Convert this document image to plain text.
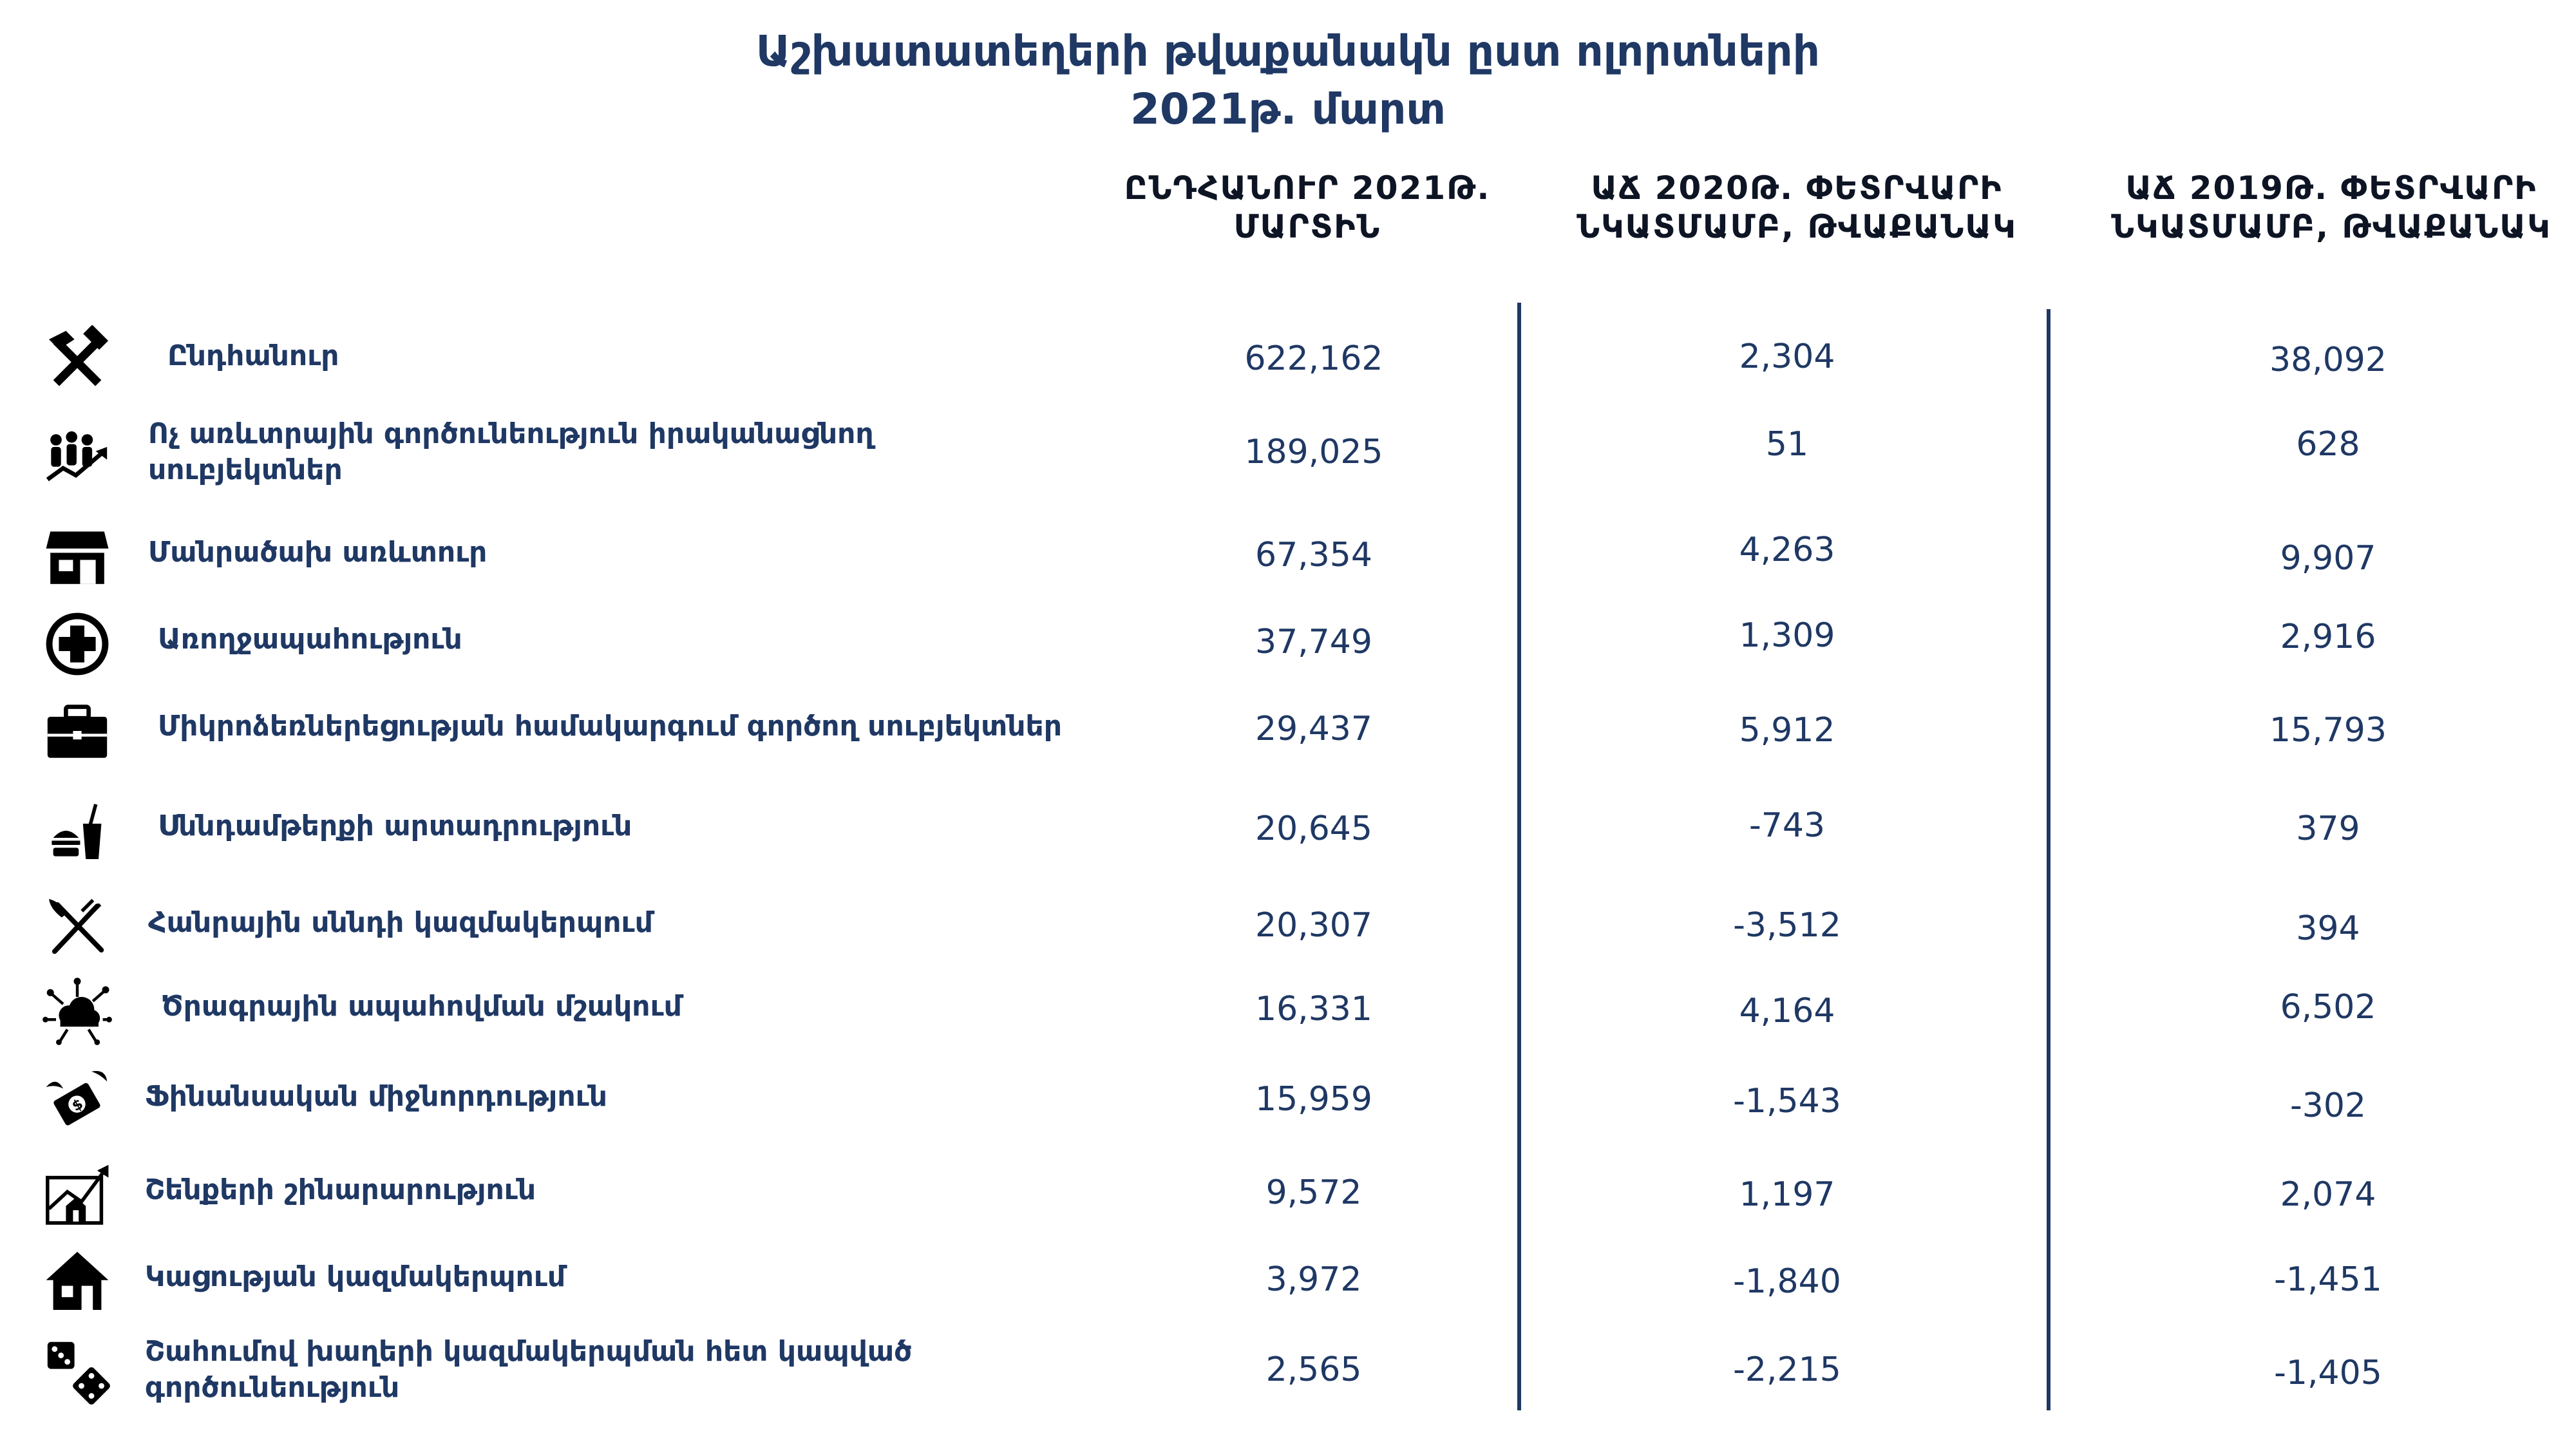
Աշխատատեղերի թվաքանակն ըստ ոլորտների
2021թ. մարտ
ԸՆԴՀԱՆՈՒՐ 2021Թ.
ՄԱՐՏԻՆ
ԱՃ 2020Թ. ՓԵՏՐՎԱՐԻ
ՆԿԱՏՄԱՄԲ, ԹՎԱՔԱՆԱԿ
ԱՃ 2019Թ. ՓԵՏՐՎԱՐԻ
ՆԿԱՏՄԱՄԲ, ԹՎԱՔԱՆԱԿ
Ընդհանուր	622,162	2,304	38,092
Ոչ առևտրային գործունեություն իրականացնող
սուբյեկտներ	189,025	51	628
Մանրածախ առևտուր	67,354	4,263	9,907
Առողջապահություն	37,749	1,309	2,916
Միկրոձեռներեցության համակարգում գործող սուբյեկտներ	29,437	5,912	15,793
Սննդամթերքի արտադրություն	20,645	-743	379
Հանրային սննդի կազմակերպում	20,307	-3,512	394
Ծրագրային ապահովման մշակում	16,331	4,164	6,502
$ Ֆինանսական միջնորդություն	15,959	-1,543	-302
Շենքերի շինարարություն	9,572	1,197	2,074
Կացության կազմակերպում	3,972	-1,840	-1,451
Շահումով խաղերի կազմակերպման հետ կապված
գործունեություն	2,565	-2,215	-1,405
